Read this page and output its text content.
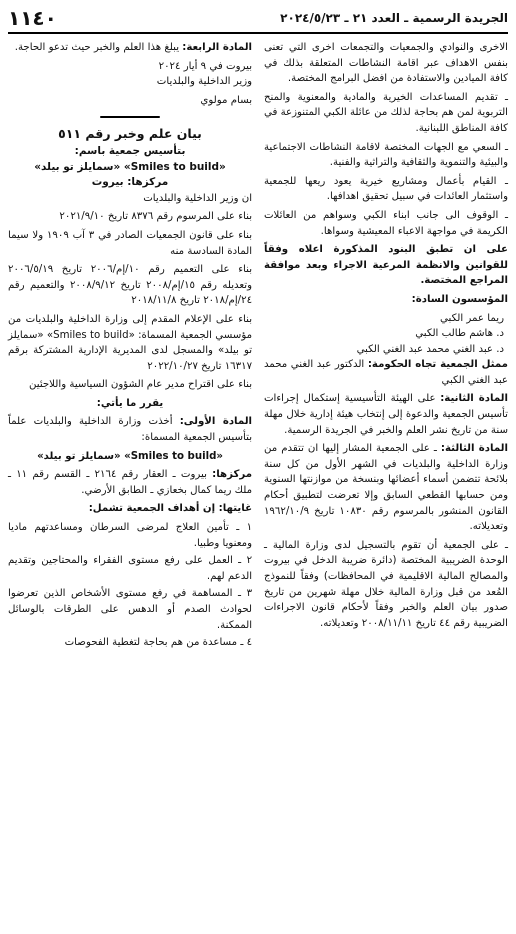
١١٤٠	الجريدة الرسمية ـ العدد ٢١ ـ ٢٠٢٤/٥/٢٣

المادة الرابعة: يبلغ هذا العلم والخبر حيث تدعو الحاجة.

بيروت في ٩ أيار ٢٠٢٤

وزير الداخلية والبلديات

بسام مولوي

بيان علم وخبر رقم ٥١١

بتأسيس جمعية باسم:

«Smiles to build» «سمايلز تو بيلد»

مركزها: بيروت

ان وزير الداخلية والبلديات

بناء على المرسوم رقم ٨٣٧٦ تاريخ ٢٠٢١/٩/١٠

بناء على قانون الجمعيات الصادر في ٣ آب ١٩٠٩ ولا سيما المادة السادسة منه

بناء على التعميم رقم ١٠/إم/٢٠٠٦ تاريخ ٢٠٠٦/٥/١٩ وتعديله رقم ١٥/إم/٢٠٠٨ تاريخ ٢٠٠٨/٩/١٢ والتعميم رقم ٢٤/إم/٢٠١٨ تاريخ ٢٠١٨/١١/٨

بناء على الإعلام المقدم إلى وزارة الداخلية والبلديات من مؤسسي الجمعية المسماة: «Smiles to build» «سمايلز تو بيلد» والمسجل لدى المديرية الإدارية المشتركة برقم ١٦٣١٧ تاريخ ٢٠٢٢/١٠/٢٧

بناء على اقتراح مدير عام الشؤون السياسية واللاجئين

يقرر ما يأتي:

المادة الأولى: أخذت وزارة الداخلية والبلديات علماً بتأسيس الجمعية المسماة:

«Smiles to build» «سمايلز تو بيلد»

مركزها: بيروت ـ العقار رقم ٢١٦٤ ـ القسم رقم ١١ ـ ملك ريما كمال بخعازي ـ الطابق الأرضي.

غايتها: إن أهداف الجمعية تشمل:

١ ـ تأمين العلاج لمرضى السرطان ومساعدتهم ماديا ومعنويا وطبيا.

٢ ـ العمل على رفع مستوى الفقراء والمحتاجين وتقديم الدعم لهم.

٣ ـ المساهمة في رفع مستوى الأشخاص الذين تعرضوا لحوادث الصدم أو الدهس على الطرقات بالوسائل الممكنة.

٤ ـ مساعدة من هم بحاجة لتغطية الفحوصات

الاخرى والنوادي والجمعيات والتجمعات اخرى التي تعنى بنفس الاهداف عبر اقامة النشاطات المتعلقة بذلك في كافة الميادين والاستفادة من افضل البرامج المختصة.

ـ تقديم المساعدات الخيرية والمادية والمعنوية والمنح التربوية لمن هم بحاجة لذلك من عائلة الكبي المتنوزعة في كافة المناطق اللبنانية.

ـ السعي مع الجهات المختصة لاقامة النشاطات الاجتماعية والبيئية والتنموية والثقافية والتراثية والفنية.

ـ القيام بأعمال ومشاريع خيرية يعود ريعها للجمعية واستثمار العائدات في سبيل تحقيق اهدافها.

ـ الوقوف الى جانب ابناء الكبي وسواهم من العائلات الكريمة في مواجهة الاعباء المعيشية وسواها.

على ان تطبق البنود المذكورة اعلاه وفقاً للقوانين والانظمة المرعية الاجراء وبعد موافقة المراجع المختصة.

المؤسسون السادة:

ريما عمر الكبي

د. هاشم طالب الكبي

د. عبد الغني محمد عبد الغني الكبي

ممثل الجمعية تجاه الحكومة: الدكتور عبد الغني محمد عبد الغني الكبي

المادة الثانية: على الهيئة التأسيسية إستكمال إجراءات تأسيس الجمعية والدعوة إلى إنتخاب هيئة إدارية خلال مهلة سنة من تاريخ نشر العلم والخبر في الجريدة الرسمية.

المادة الثالثة: ـ على الجمعية المشار إليها ان تتقدم من وزارة الداخلية والبلديات في الشهر الأول من كل سنة بلائحة تتضمن أسماء أعضائها وبنسخة من موازنتها السنوية ومن حسابها القطعي السابق وإلا تعرضت لتطبيق أحكام القانون المنشور بالمرسوم رقم ١٠٨٣٠ تاريخ ١٩٦٢/١٠/٩ وتعديلاته.

ـ على الجمعية أن تقوم بالتسجيل لدى وزارة المالية ـ الوحدة الضريبية المختصة (دائرة ضريبة الدخل في بيروت والمصالح المالية الاقليمية في المحافظات) وفقاً للنموذج المُعد من قبل وزارة المالية خلال مهلة شهرين من تاريخ صدور بيان العلم والخبر وفقاً لأحكام قانون الاجراءات الضريبية رقم ٤٤ تاريخ ٢٠٠٨/١١/١١ وتعديلاته.
